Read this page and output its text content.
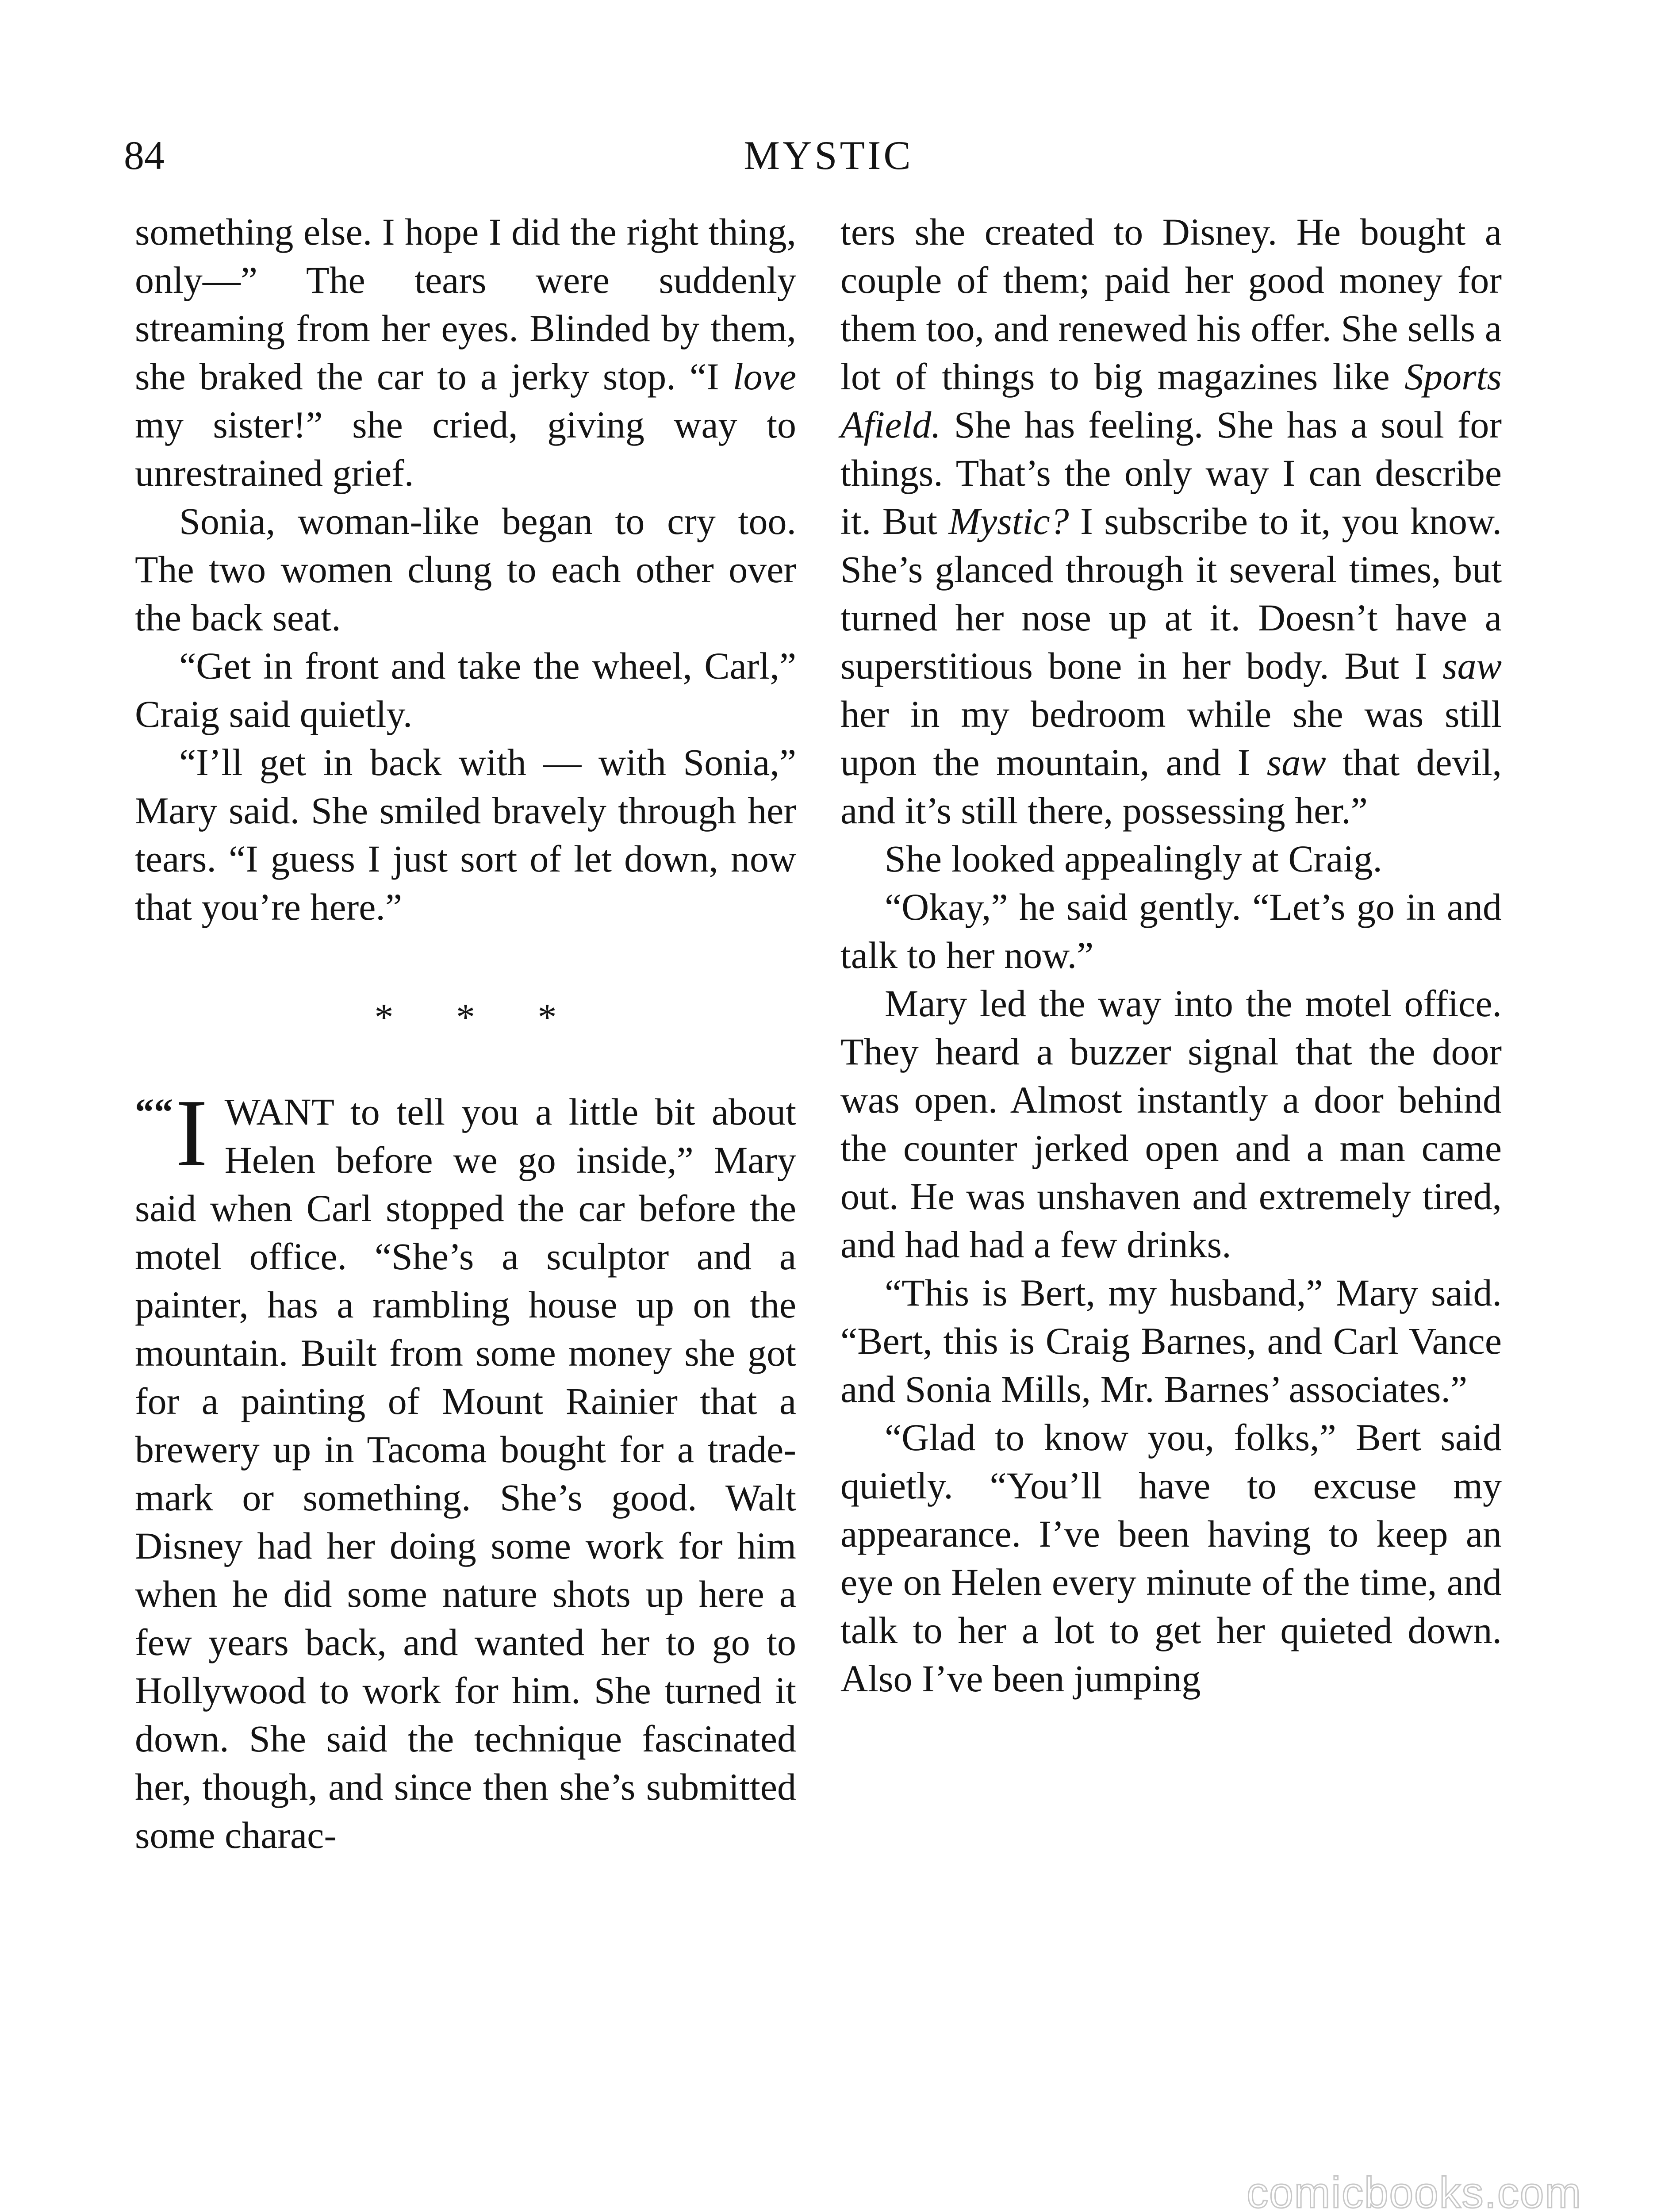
84	MYSTIC

something else. I hope I did the right thing, only—” The tears were suddenly streaming from her eyes. Blinded by them, she braked the car to a jerky stop. “I love my sister!” she cried, giving way to unrestrained grief.

Sonia, woman-like began to cry too. The two women clung to each other over the back seat.

“Get in front and take the wheel, Carl,” Craig said quietly.

“I’ll get in back with — with Sonia,” Mary said. She smiled bravely through her tears. “I guess I just sort of let down, now that you’re here.”

* * *

““ I WANT to tell you a little bit about Helen before we go inside,” Mary said when Carl stopped the car before the motel office. “She’s a sculptor and a painter, has a rambling house up on the mountain. Built from some money she got for a painting of Mount Rainier that a brewery up in Tacoma bought for a trade-mark or something. She’s good. Walt Disney had her doing some work for him when he did some nature shots up here a few years back, and wanted her to go to Hollywood to work for him. She turned it down. She said the technique fascinated her, though, and since then she’s submitted some charac-

ters she created to Disney. He bought a couple of them; paid her good money for them too, and renewed his offer. She sells a lot of things to big magazines like Sports Afield. She has feeling. She has a soul for things. That’s the only way I can describe it. But Mystic? I subscribe to it, you know. She’s glanced through it several times, but turned her nose up at it. Doesn’t have a superstitious bone in her body. But I saw her in my bedroom while she was still upon the mountain, and I saw that devil, and it’s still there, possessing her.”

She looked appealingly at Craig.

“Okay,” he said gently. “Let’s go in and talk to her now.”

Mary led the way into the motel office. They heard a buzzer signal that the door was open. Almost instantly a door behind the counter jerked open and a man came out. He was unshaven and extremely tired, and had had a few drinks.

“This is Bert, my husband,” Mary said. “Bert, this is Craig Barnes, and Carl Vance and Sonia Mills, Mr. Barnes’ associates.”

“Glad to know you, folks,” Bert said quietly. “You’ll have to excuse my appearance. I’ve been having to keep an eye on Helen every minute of the time, and talk to her a lot to get her quieted down. Also I’ve been jumping

comicbooks.com
